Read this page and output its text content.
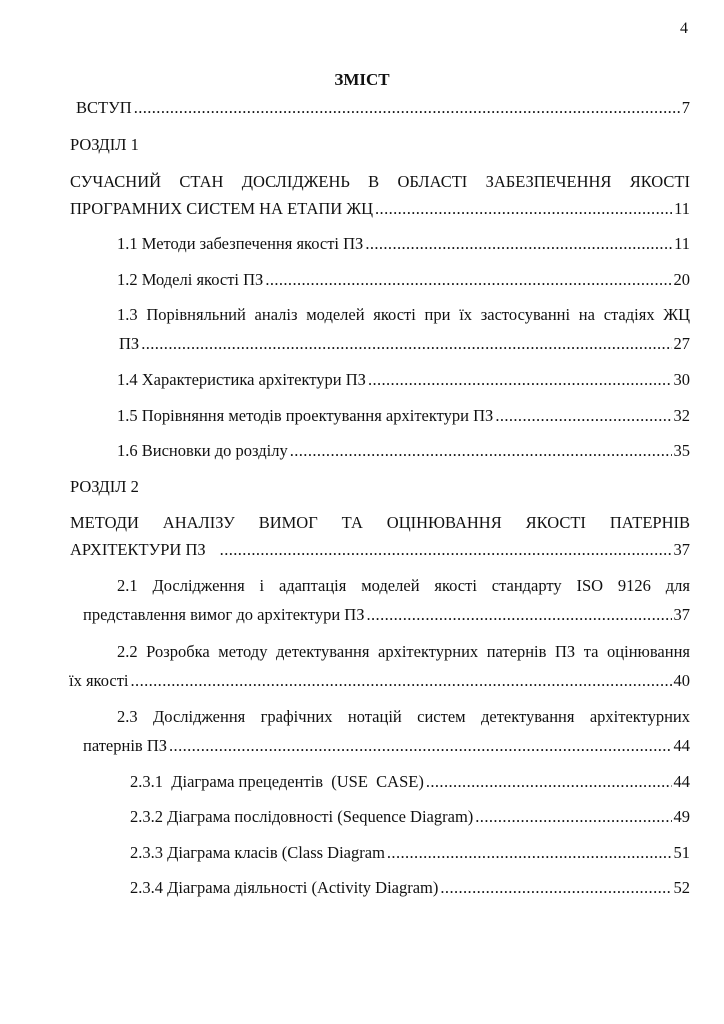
4
ЗМІСТ
ВСТУП .....	7
РОЗДІЛ 1
СУЧАСНИЙ СТАН ДОСЛІДЖЕНЬ В ОБЛАСТІ ЗАБЕЗПЕЧЕННЯ ЯКОСТІ
ПРОГРАМНИХ СИСТЕМ НА ЕТАПИ ЖЦ .....	11
1.1 Методи забезпечення якості ПЗ .....	11
1.2 Моделі якості ПЗ .....	20
1.3 Порівняльний аналіз моделей якості при їх застосуванні на стадіях ЖЦ
ПЗ .....	27
1.4 Характеристика архітектури ПЗ .....	30
1.5 Порівняння методів проектування архітектури ПЗ .....	32
1.6 Висновки до розділу .....	35
РОЗДІЛ 2
МЕТОДИ АНАЛІЗУ ВИМОГ ТА ОЦІНЮВАННЯ ЯКОСТІ ПАТЕРНІВ
АРХІТЕКТУРИ ПЗ .....	37
2.1 Дослідження і адаптація моделей якості стандарту ISO 9126 для
представлення вимог до архітектури ПЗ .....	37
2.2 Розробка методу детектування архітектурних патернів ПЗ та оцінювання
їх якості .....	40
2.3 Дослідження графічних нотацій систем детектування архітектурних
патернів ПЗ .....	44
2.3.1  Діаграма прецедентів  (USE  CASE) .....	44
2.3.2 Діаграма послідовності (Sequence Diagram) .....	49
2.3.3 Діаграма класів (Class Diagram .....	51
2.3.4 Діаграма діяльності (Activity Diagram) .....	52
